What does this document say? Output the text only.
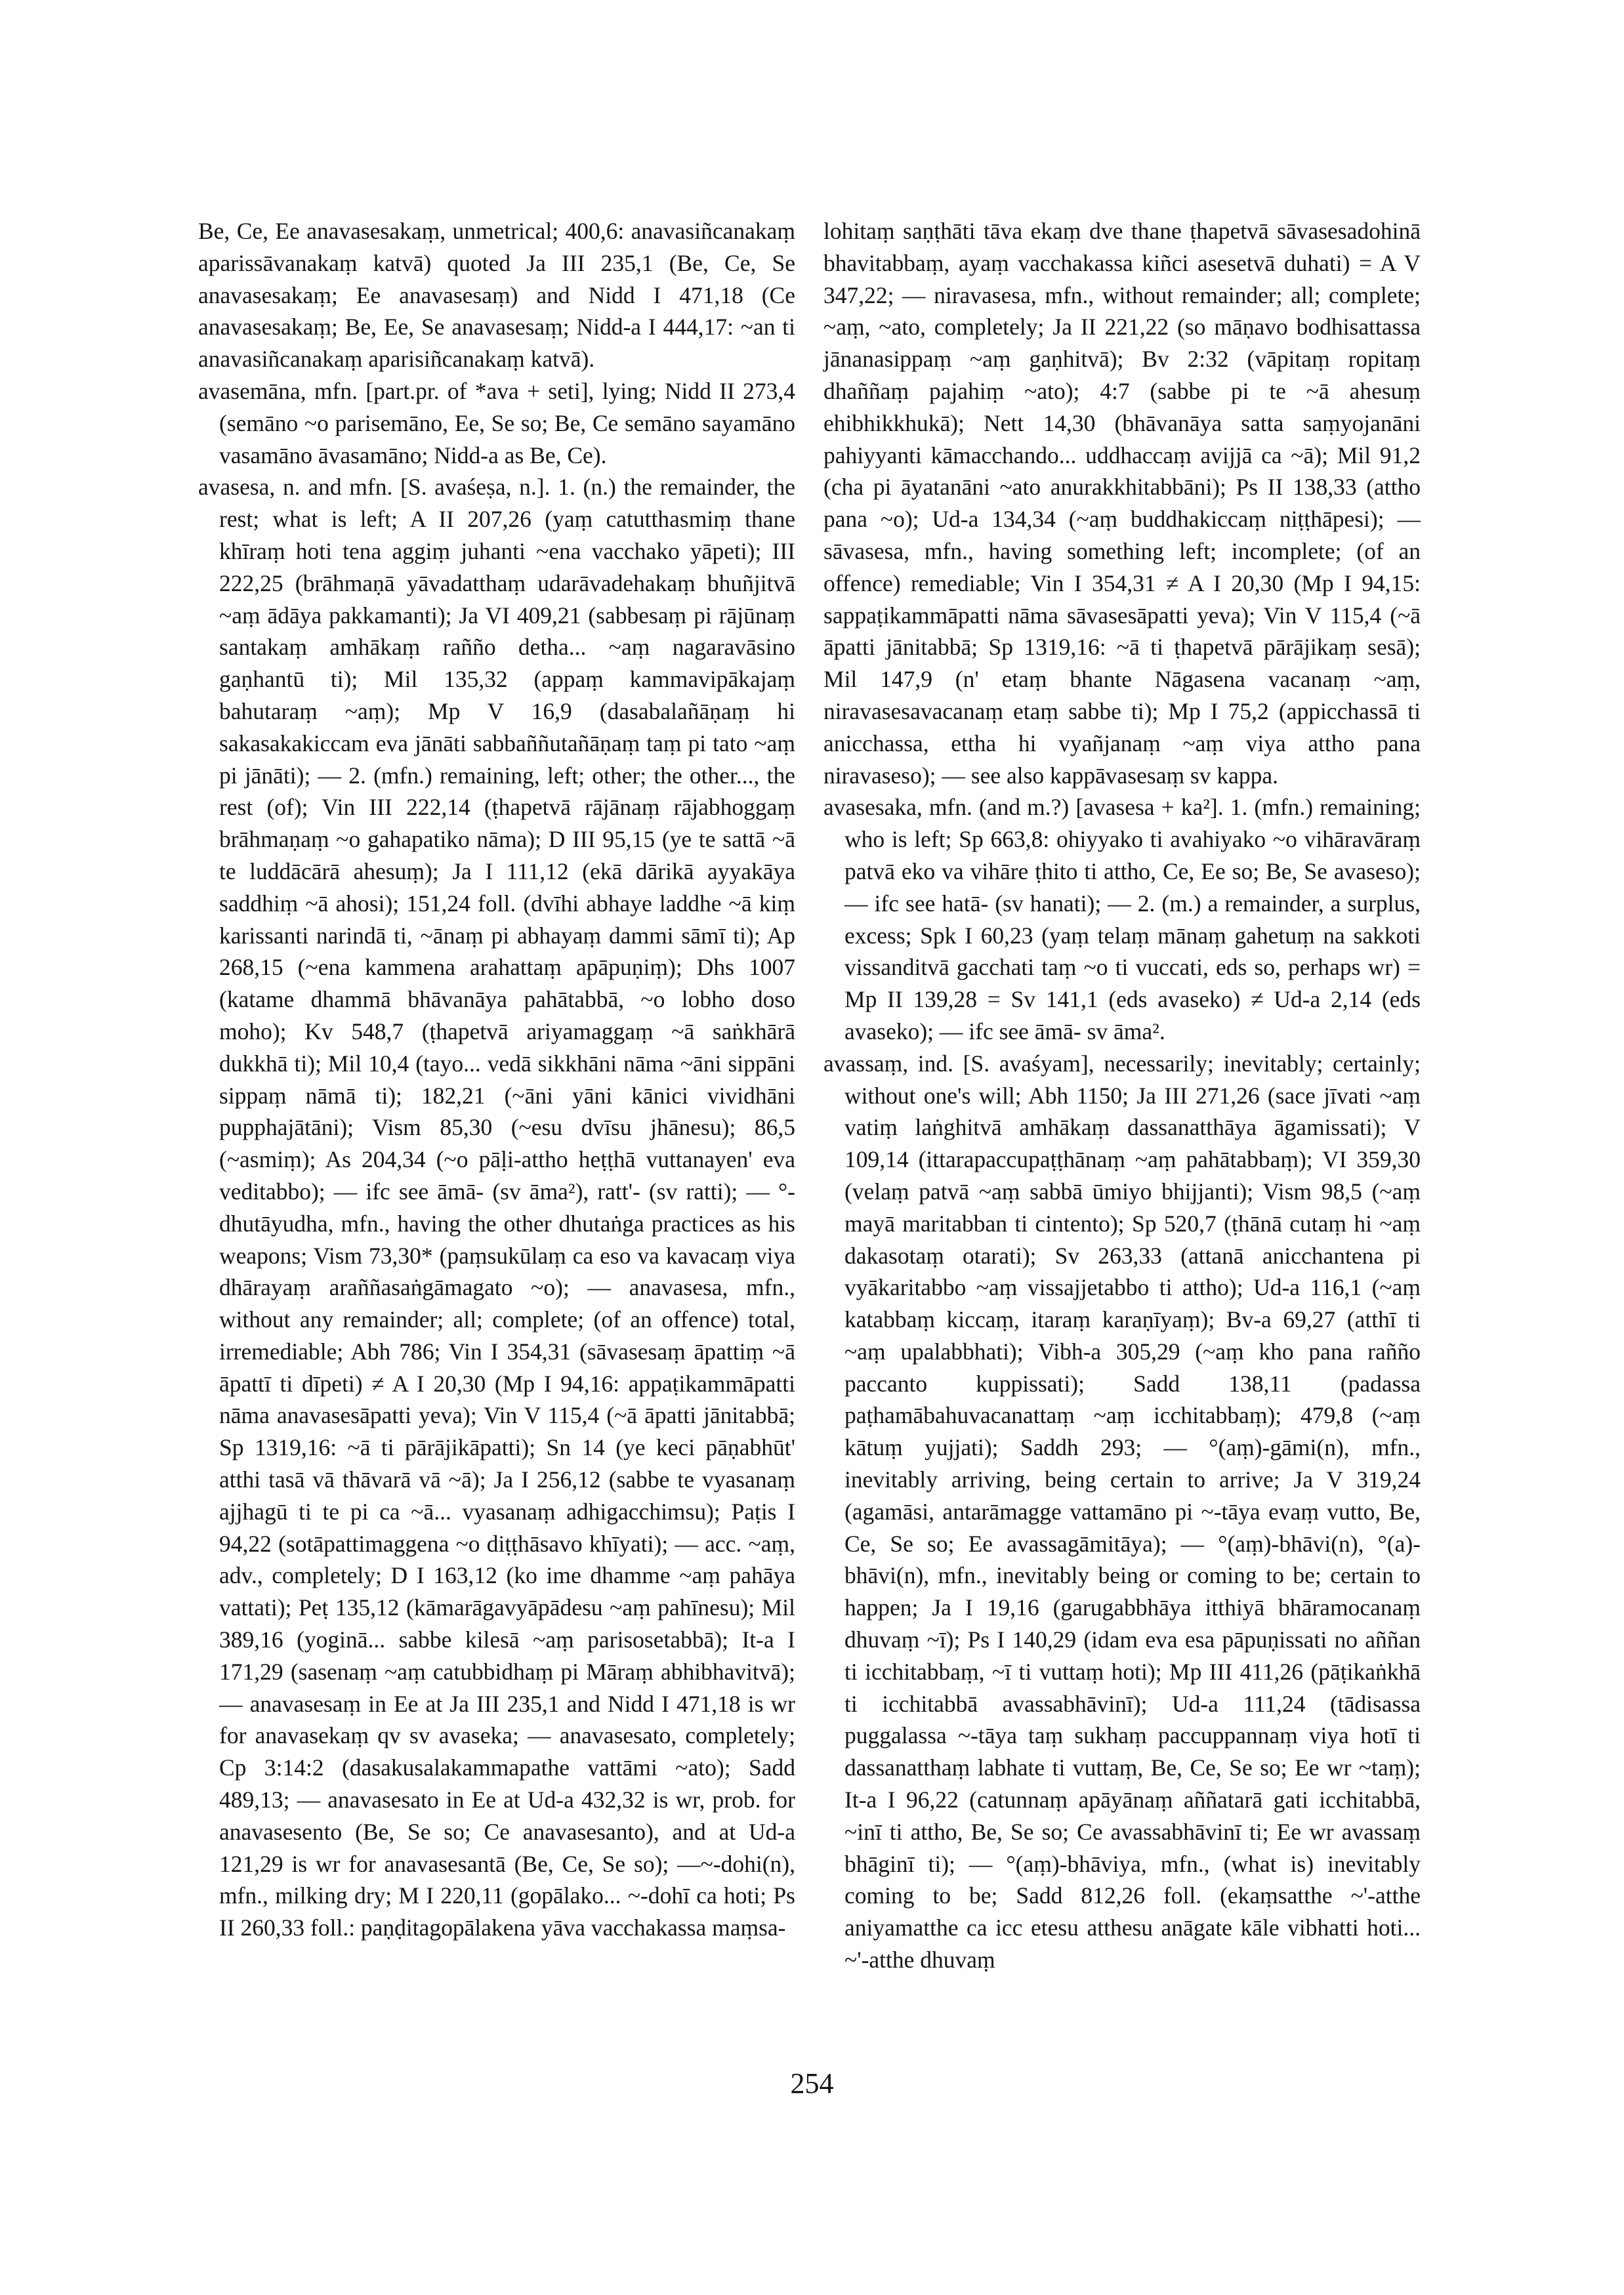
Be, Ce, Ee anavasesakaṃ, unmetrical; 400,6: anavasiñcanakaṃ aparissāvanakaṃ katvā) quoted Ja III 235,1 (Be, Ce, Se anavasesakaṃ; Ee anavasesaṃ) and Nidd I 471,18 (Ce anavasesakaṃ; Be, Ee, Se anavasesaṃ; Nidd-a I 444,17: ~an ti anavasiñcanakaṃ aparisiñcanakaṃ katvā).

avasemāna, mfn. [part.pr. of *ava + seti], lying; Nidd II 273,4 (semāno ~o parisemāno, Ee, Se so; Be, Ce semāno sayamāno vasamāno āvasamāno; Nidd-a as Be, Ce).

avasesa, n. and mfn. [S. avaśeṣa, n.]. 1. (n.) the remainder, the rest; what is left; A II 207,26 (yaṃ catutthasmiṃ thane khīraṃ hoti tena aggiṃ juhanti ~ena vacchako yāpeti); III 222,25 (brāhmaṇā yāvadatthaṃ udarāvadehakaṃ bhuñjitvā ~aṃ ādāya pakkamanti); Ja VI 409,21 (sabbesaṃ pi rājūnaṃ santakaṃ amhākaṃ rañño detha... ~aṃ nagaravāsino gaṇhantū ti); Mil 135,32 (appaṃ kammavipākajaṃ bahutaraṃ ~aṃ); Mp V 16,9 (dasabalañāṇaṃ hi sakasakakiccam eva jānāti sabbaññutañāṇaṃ taṃ pi tato ~aṃ pi jānāti); — 2. (mfn.) remaining, left; other; the other..., the rest (of); Vin III 222,14 (ṭhapetvā rājānaṃ rājabhoggaṃ brāhmaṇaṃ ~o gahapatiko nāma); D III 95,15 (ye te sattā ~ā te luddācārā ahesuṃ); Ja I 111,12 (ekā dārikā ayyakāya saddhiṃ ~ā ahosi); 151,24 foll. (dvīhi abhaye laddhe ~ā kiṃ karissanti narindā ti, ~ānaṃ pi abhayaṃ dammi sāmī ti); Ap 268,15 (~ena kammena arahattaṃ apāpuṇiṃ); Dhs 1007 (katame dhammā bhāvanāya pahātabbā, ~o lobho doso moho); Kv 548,7 (ṭhapetvā ariyamaggaṃ ~ā saṅkhārā dukkhā ti); Mil 10,4 (tayo... vedā sikkhāni nāma ~āni sippāni sippaṃ nāmā ti); 182,21 (~āni yāni kānici vividhāni pupphajātāni); Vism 85,30 (~esu dvīsu jhānesu); 86,5 (~asmiṃ); As 204,34 (~o pāḷi-attho heṭṭhā vuttanayen' eva veditabbo); — ifc see āmā- (sv āma²), ratt'- (sv ratti); — °-dhutāyudha, mfn., having the other dhutaṅga practices as his weapons; Vism 73,30* (paṃsukūlaṃ ca eso va kavacaṃ viya dhārayaṃ araññasaṅgāmagato ~o); — anavasesa, mfn., without any remainder; all; complete; (of an offence) total, irremediable; Abh 786; Vin I 354,31 (sāvasesaṃ āpattiṃ ~ā āpattī ti dīpeti) ≠ A I 20,30 (Mp I 94,16: appaṭikammāpatti nāma anavasesāpatti yeva); Vin V 115,4 (~ā āpatti jānitabbā; Sp 1319,16: ~ā ti pārājikāpatti); Sn 14 (ye keci pāṇabhūt' atthi tasā vā thāvarā vā ~ā); Ja I 256,12 (sabbe te vyasanaṃ ajjhagū ti te pi ca ~ā... vyasanaṃ adhigacchimsu); Paṭis I 94,22 (sotāpattimaggena ~o diṭṭhāsavo khīyati); — acc. ~aṃ, adv., completely; D I 163,12 (ko ime dhamme ~aṃ pahāya vattati); Peṭ 135,12 (kāmarāgavyāpādesu ~aṃ pahīnesu); Mil 389,16 (yoginā... sabbe kilesā ~aṃ parisosetabbā); It-a I 171,29 (sasenaṃ ~aṃ catubbidhaṃ pi Māraṃ abhibhavitvā); — anavasesaṃ in Ee at Ja III 235,1 and Nidd I 471,18 is wr for anavasekaṃ qv sv avaseka; — anavasesato, completely; Cp 3:14:2 (dasakusalakammapathe vattāmi ~ato); Sadd 489,13; — anavasesato in Ee at Ud-a 432,32 is wr, prob. for anavasesento (Be, Se so; Ce anavasesanto), and at Ud-a 121,29 is wr for anavasesantā (Be, Ce, Se so); —~-dohi(n), mfn., milking dry; M I 220,11 (gopālako... ~-dohī ca hoti; Ps II 260,33 foll.: paṇḍitagopālakena yāva vacchakassa maṃsa-

lohitaṃ saṇṭhāti tāva ekaṃ dve thane ṭhapetvā sāvasesadohinā bhavitabbaṃ, ayaṃ vacchakassa kiñci asesetvā duhati) = A V 347,22; — niravasesa, mfn., without remainder; all; complete; ~aṃ, ~ato, completely; Ja II 221,22 (so māṇavo bodhisattassa jānanasippaṃ ~aṃ gaṇhitvā); Bv 2:32 (vāpitaṃ ropitaṃ dhaññaṃ pajahiṃ ~ato); 4:7 (sabbe pi te ~ā ahesuṃ ehibhikkhukā); Nett 14,30 (bhāvanāya satta saṃyojanāni pahiyyanti kāmacchando... uddhaccaṃ avijjā ca ~ā); Mil 91,2 (cha pi āyatanāni ~ato anurakkhitabbāni); Ps II 138,33 (attho pana ~o); Ud-a 134,34 (~aṃ buddhakiccaṃ niṭṭhāpesi); — sāvasesa, mfn., having something left; incomplete; (of an offence) remediable; Vin I 354,31 ≠ A I 20,30 (Mp I 94,15: sappaṭikammāpatti nāma sāvasesāpatti yeva); Vin V 115,4 (~ā āpatti jānitabbā; Sp 1319,16: ~ā ti ṭhapetvā pārājikaṃ sesā); Mil 147,9 (n' etaṃ bhante Nāgasena vacanaṃ ~aṃ, niravasesavacanaṃ etaṃ sabbe ti); Mp I 75,2 (appicchassā ti anicchassa, ettha hi vyañjanaṃ ~aṃ viya attho pana niravaseso); — see also kappāvasesaṃ sv kappa.

avasesaka, mfn. (and m.?) [avasesa + ka²]. 1. (mfn.) remaining; who is left; Sp 663,8: ohiyyako ti avahiyako ~o vihāravāraṃ patvā eko va vihāre ṭhito ti attho, Ce, Ee so; Be, Se avaseso); — ifc see hatā- (sv hanati); — 2. (m.) a remainder, a surplus, excess; Spk I 60,23 (yaṃ telaṃ mānaṃ gahetuṃ na sakkoti vissanditvā gacchati taṃ ~o ti vuccati, eds so, perhaps wr) = Mp II 139,28 = Sv 141,1 (eds avaseko) ≠ Ud-a 2,14 (eds avaseko); — ifc see āmā- sv āma².

avassaṃ, ind. [S. avaśyam], necessarily; inevitably; certainly; without one's will; Abh 1150; Ja III 271,26 (sace jīvati ~aṃ vatiṃ laṅghitvā amhākaṃ dassanatthāya āgamissati); V 109,14 (ittarapaccupaṭṭhānaṃ ~aṃ pahātabbaṃ); VI 359,30 (velaṃ patvā ~aṃ sabbā ūmiyo bhijjanti); Vism 98,5 (~aṃ mayā maritabban ti cintento); Sp 520,7 (ṭhānā cutaṃ hi ~aṃ dakasotaṃ otarati); Sv 263,33 (attanā anicchantena pi vyākaritabbo ~aṃ vissajjetabbo ti attho); Ud-a 116,1 (~aṃ katabbaṃ kiccaṃ, itaraṃ karaṇīyaṃ); Bv-a 69,27 (atthī ti ~aṃ upalabbhati); Vibh-a 305,29 (~aṃ kho pana rañño paccanto kuppissati); Sadd 138,11 (padassa paṭhamābahuvacanattaṃ ~aṃ icchitabbaṃ); 479,8 (~aṃ kātuṃ yujjati); Saddh 293; — °(aṃ)-gāmi(n), mfn., inevitably arriving, being certain to arrive; Ja V 319,24 (agamāsi, antarāmagge vattamāno pi ~-tāya evaṃ vutto, Be, Ce, Se so; Ee avassagāmitāya); — °(aṃ)-bhāvi(n), °(a)-bhāvi(n), mfn., inevitably being or coming to be; certain to happen; Ja I 19,16 (garugabbhāya itthiyā bhāramocanaṃ dhuvaṃ ~ī); Ps I 140,29 (idam eva esa pāpuṇissati no aññan ti icchitabbaṃ, ~ī ti vuttaṃ hoti); Mp III 411,26 (pāṭikaṅkhā ti icchitabbā avassabhāvinī); Ud-a 111,24 (tādisassa puggalassa ~-tāya taṃ sukhaṃ paccuppannaṃ viya hotī ti dassanatthaṃ labhate ti vuttaṃ, Be, Ce, Se so; Ee wr ~taṃ); It-a I 96,22 (catunnaṃ apāyānaṃ aññatarā gati icchitabbā, ~inī ti attho, Be, Se so; Ce avassabhāvinī ti; Ee wr avassaṃ bhāginī ti); — °(aṃ)-bhāviya, mfn., (what is) inevitably coming to be; Sadd 812,26 foll. (ekaṃsatthe ~'-atthe aniyamatthe ca icc etesu atthesu anāgate kāle vibhatti hoti... ~'-atthe dhuvaṃ

254
